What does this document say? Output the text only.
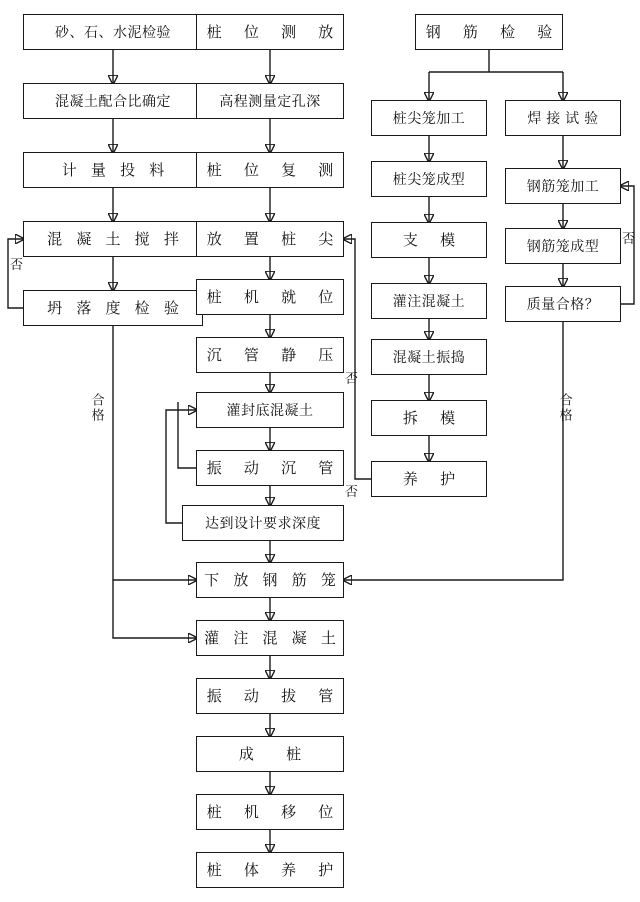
砂、石、水泥检验
混凝土配合比确定
计 量 投 料
混 凝 土 搅 拌
坍 落 度 检 验
桩 位 测 放
高程测量定孔深
桩 位 复 测
放 置 桩 尖
桩 机 就 位
沉 管 静 压
灌封底混凝土
振 动 沉 管
达到设计要求深度
下 放 钢 筋 笼
灌 注 混 凝 土
振 动 拔 管
成 桩
桩 机 移 位
桩 体 养 护
钢 筋 检 验
桩尖笼加工
桩尖笼成型
支 模
灌注混凝土
混凝土振捣
拆 模
养 护
焊 接 试 验
钢筋笼加工
钢筋笼成型
质量合格？
否
合格
否
否
否
合格
